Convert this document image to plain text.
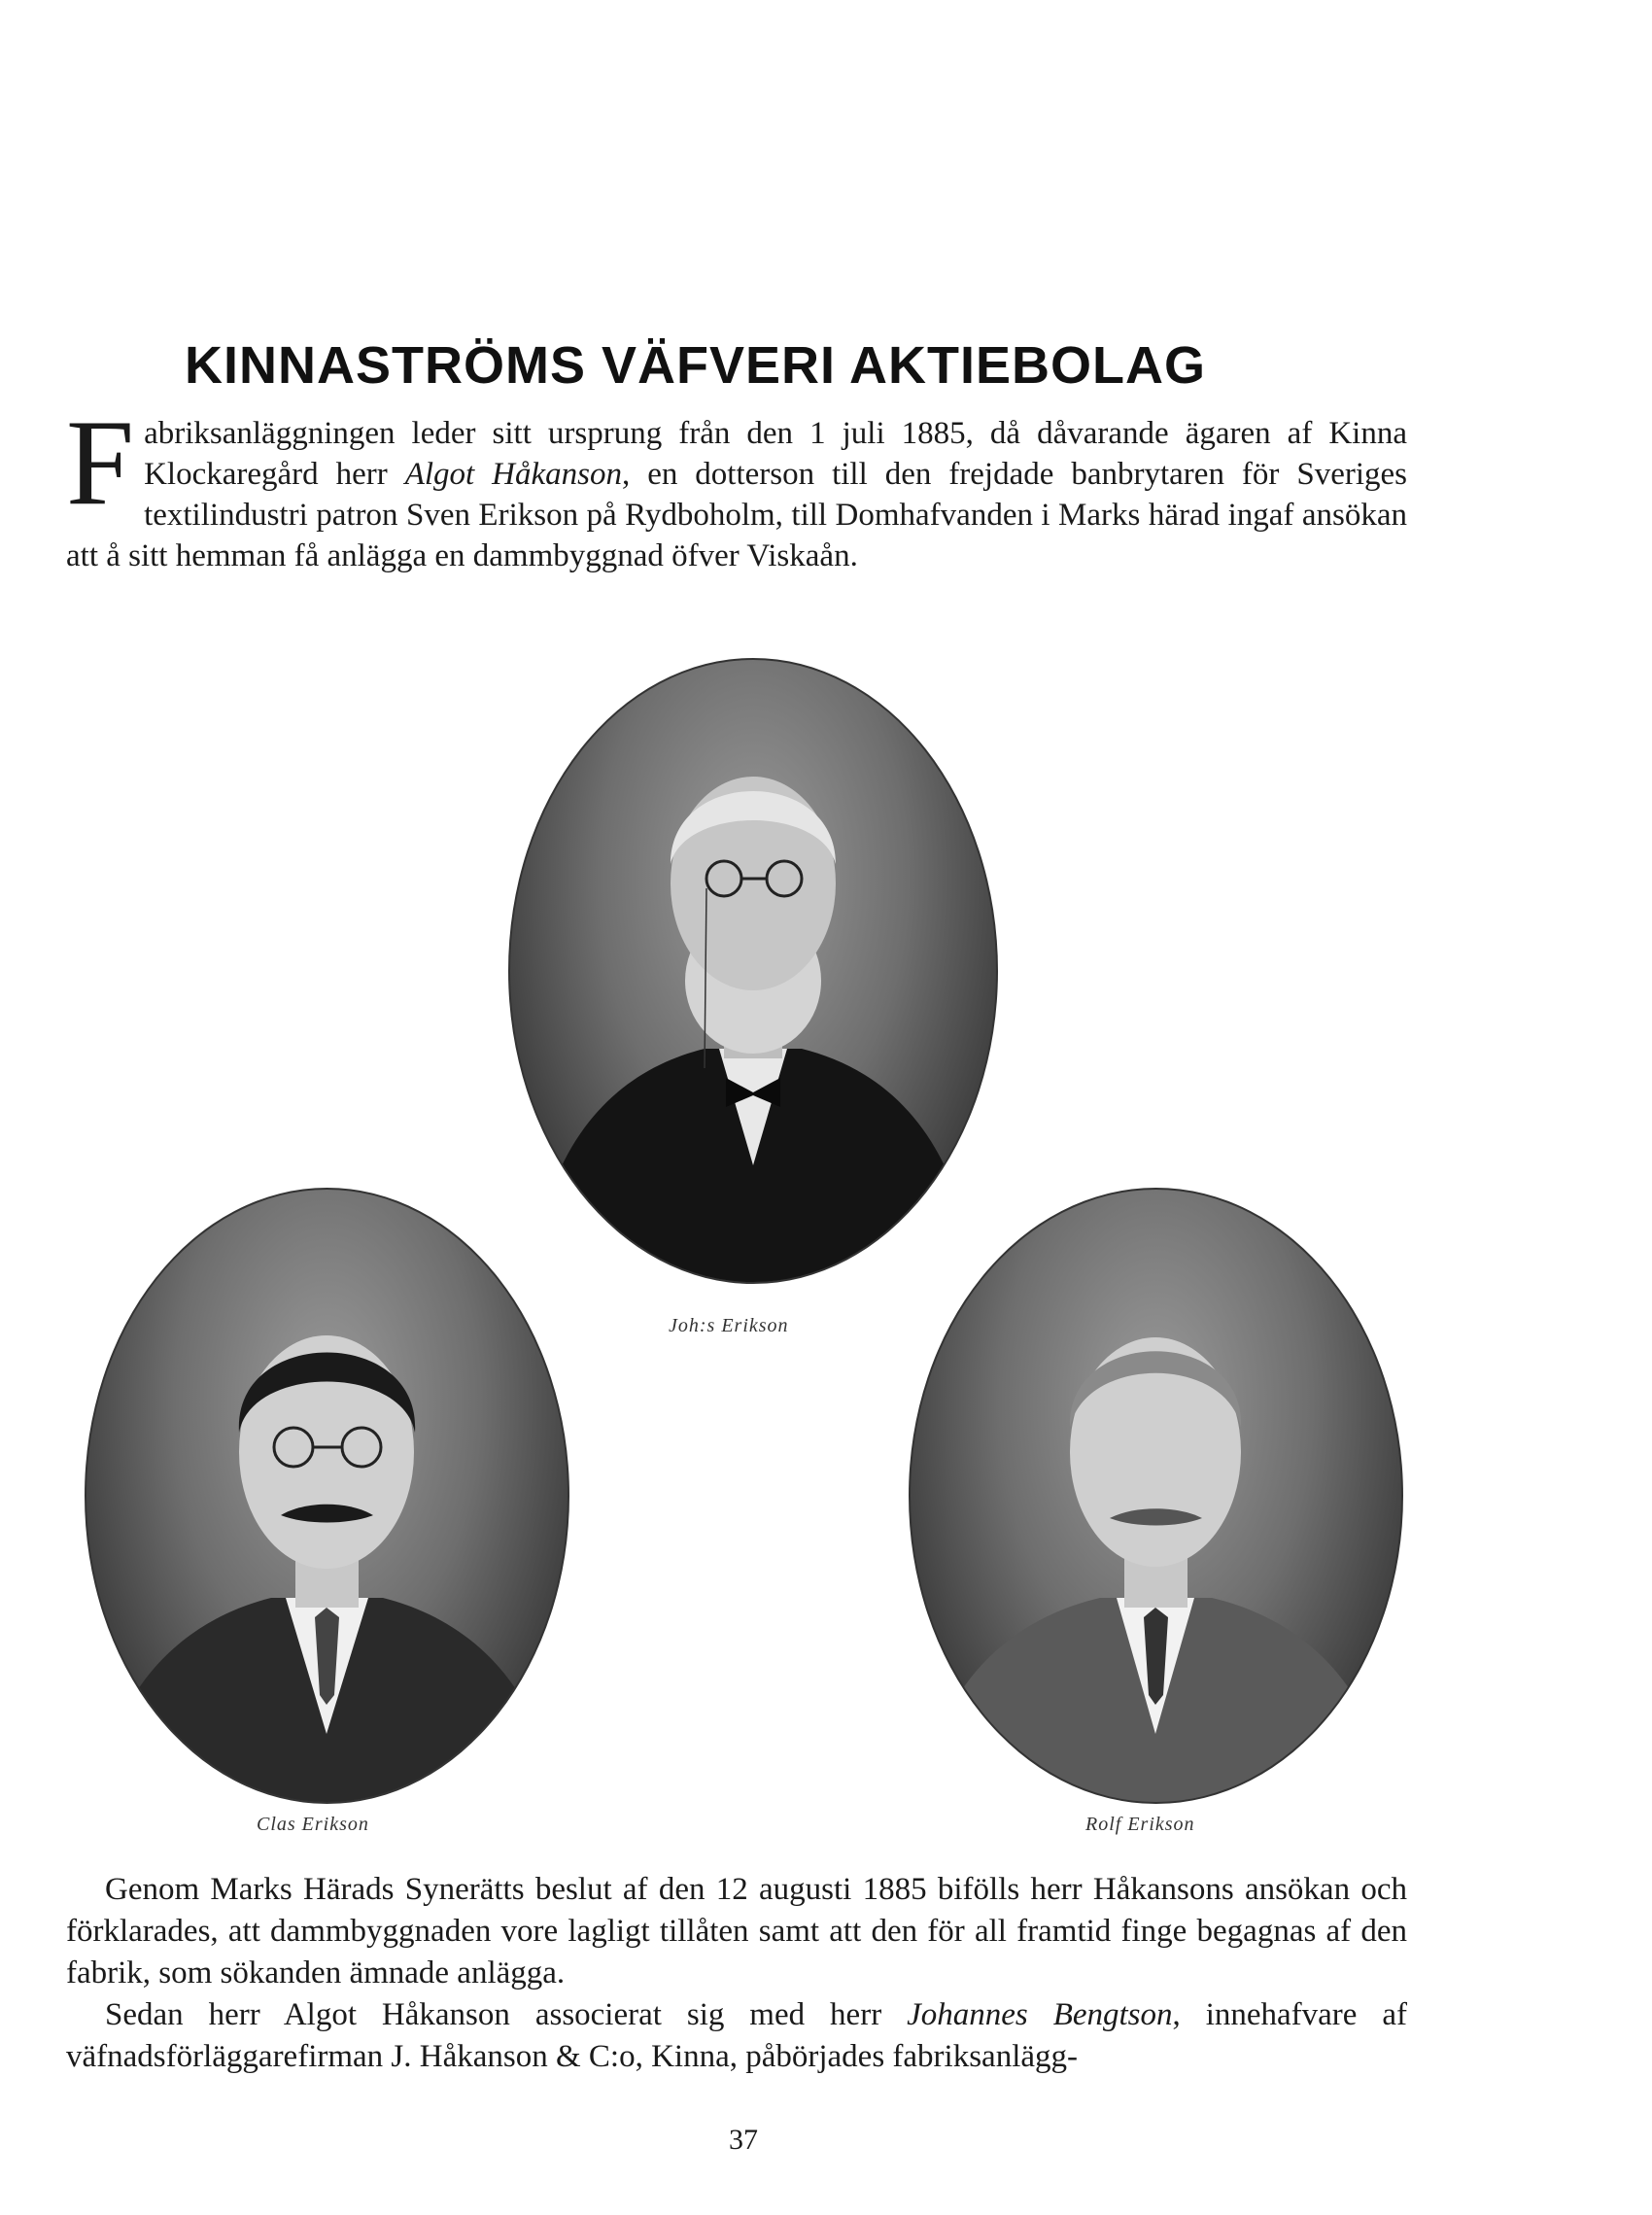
KINNASTRÖMS VÄFVERI AKTIEBOLAG

Fabriksanläggningen leder sitt ursprung från den 1 juli 1885, då dåvarande ägaren af Kinna Klockaregård herr Algot Håkanson, en dotterson till den frejdade banbrytaren för Sveriges textilindustri patron Sven Erikson på Rydboholm, till Domhafvanden i Marks härad ingaf ansökan att å sitt hemman få anlägga en dammbyggnad öfver Viskaån.

Joh:s Erikson
Clas Erikson	Rolf Erikson

Genom Marks Härads Synerätts beslut af den 12 augusti 1885 bifölls herr Håkansons ansökan och förklarades, att dammbyggnaden vore lagligt tillåten samt att den för all framtid finge begagnas af den fabrik, som sökanden ämnade anlägga.

Sedan herr Algot Håkanson associerat sig med herr Johannes Bengtson, innehafvare af väfnadsförläggarefirman J. Håkanson & C:o, Kinna, påbörjades fabriksanlägg-

37
